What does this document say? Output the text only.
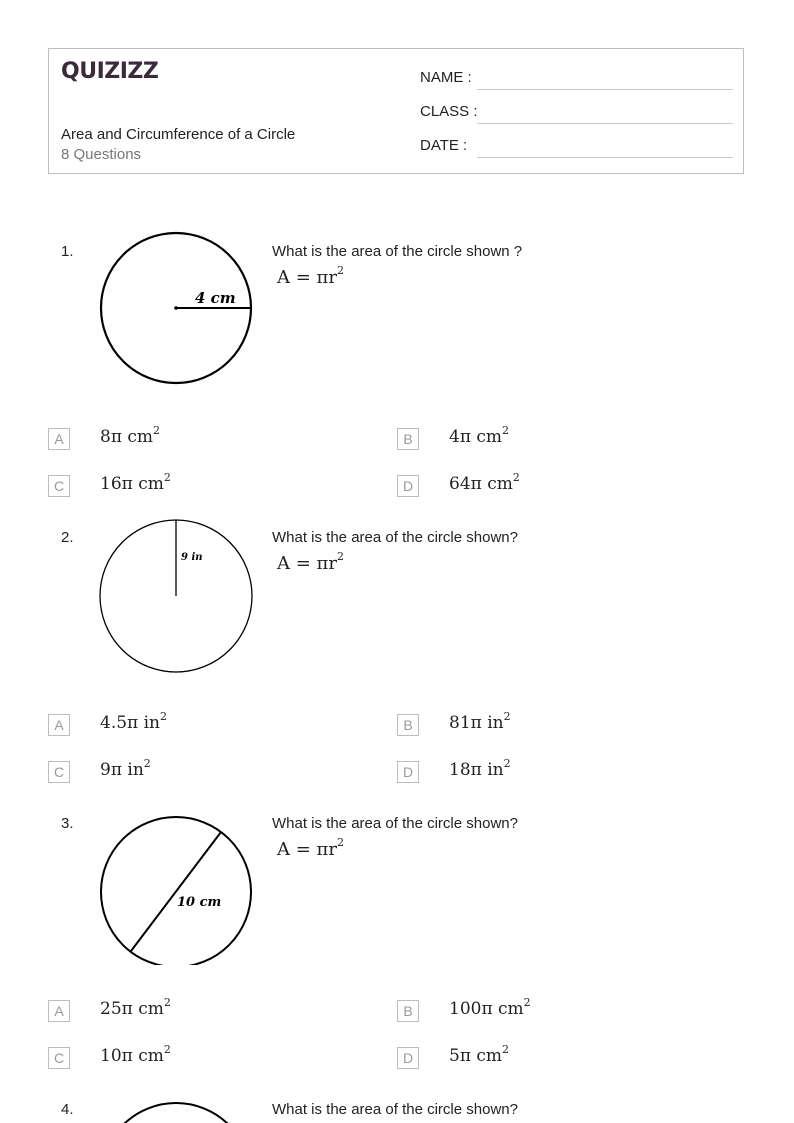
QUIZIZZ
Area and Circumference of a Circle
8 Questions
NAME :
CLASS :
DATE :
1.
4 cm
What is the area of the circle shown ?
$A = \pi r^2$
A	8π $cm^2$
B	4π $cm^2$
C	16π $cm^2$
D	64π $cm^2$
2.
9 in
What is the area of the circle shown?
$A = \pi r^2$
A	4.5π $in^2$
B	81π $in^2$
C	9π $in^2$
D	18π $in^2$
3.
10 cm
What is the area of the circle shown?
$A = \pi r^2$
A	25π $cm^2$
B	100π $cm^2$
C	10π $cm^2$
D	5π $cm^2$
4.	What is the area of the circle shown?
